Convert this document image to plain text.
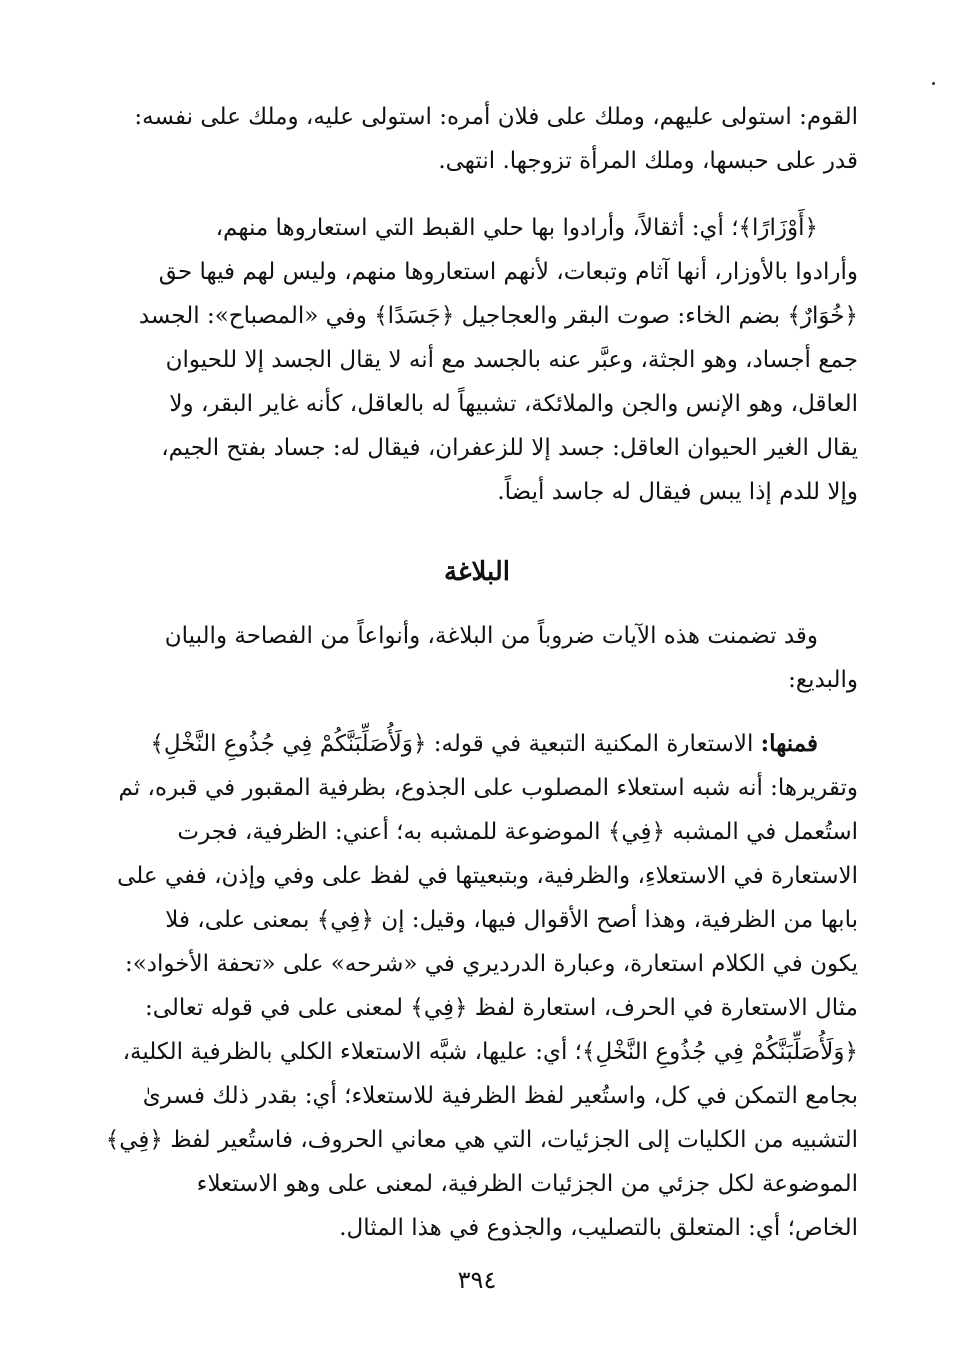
القوم: استولى عليهم، وملك على فلان أمره: استولى عليه، وملك على نفسه:
قدر على حبسها، وملك المرأة تزوجها. انتهى.
﴿أَوْزَارًا﴾؛ أي: أثقالاً، وأرادوا بها حلي القبط التي استعاروها منهم،
وأرادوا بالأوزار، أنها آثام وتبعات، لأنهم استعاروها منهم، وليس لهم فيها حق
﴿خُوَارٌ﴾ بضم الخاء: صوت البقر والعجاجيل ﴿جَسَدًا﴾ وفي «المصباح»: الجسد
جمع أجساد، وهو الجثة، وعبَّر عنه بالجسد مع أنه لا يقال الجسد إلا للحيوان
العاقل، وهو الإنس والجن والملائكة، تشبيهاً له بالعاقل، كأنه غاير البقر، ولا
يقال الغير الحيوان العاقل: جسد إلا للزعفران، فيقال له: جساد بفتح الجيم،
وإلا للدم إذا يبس فيقال له جاسد أيضاً.
البلاغة
وقد تضمنت هذه الآيات ضروباً من البلاغة، وأنواعاً من الفصاحة والبيان
والبديع:
فمنها: الاستعارة المكنية التبعية في قوله: ﴿وَلَأُصَلِّبَنَّكُمْ فِي جُذُوعِ النَّخْلِ﴾
وتقريرها: أنه شبه استعلاء المصلوب على الجذوع، بظرفية المقبور في قبره، ثم
استُعمل في المشبه ﴿فِي﴾ الموضوعة للمشبه به؛ أعني: الظرفية، فجرت
الاستعارة في الاستعلاءِ، والظرفية، وبتبعيتها في لفظ على وفي وإذن، ففي على
بابها من الظرفية، وهذا أصح الأقوال فيها، وقيل: إن ﴿فِي﴾ بمعنى على، فلا
يكون في الكلام استعارة، وعبارة الدرديري في «شرحه» على «تحفة الأخواد»:
مثال الاستعارة في الحرف، استعارة لفظ ﴿فِي﴾ لمعنى على في قوله تعالى:
﴿وَلَأُصَلِّبَنَّكُمْ فِي جُذُوعِ النَّخْلِ﴾؛ أي: عليها، شبَّه الاستعلاء الكلي بالظرفية الكلية،
بجامع التمكن في كل، واستُعير لفظ الظرفية للاستعلاء؛ أي: بقدر ذلك فسرىٰ
التشبيه من الكليات إلى الجزئيات، التي هي معاني الحروف، فاستُعير لفظ ﴿فِي﴾
الموضوعة لكل جزئي من الجزئيات الظرفية، لمعنى على وهو الاستعلاء
الخاص؛ أي: المتعلق بالتصليب، والجذوع في هذا المثال.
٣٩٤
